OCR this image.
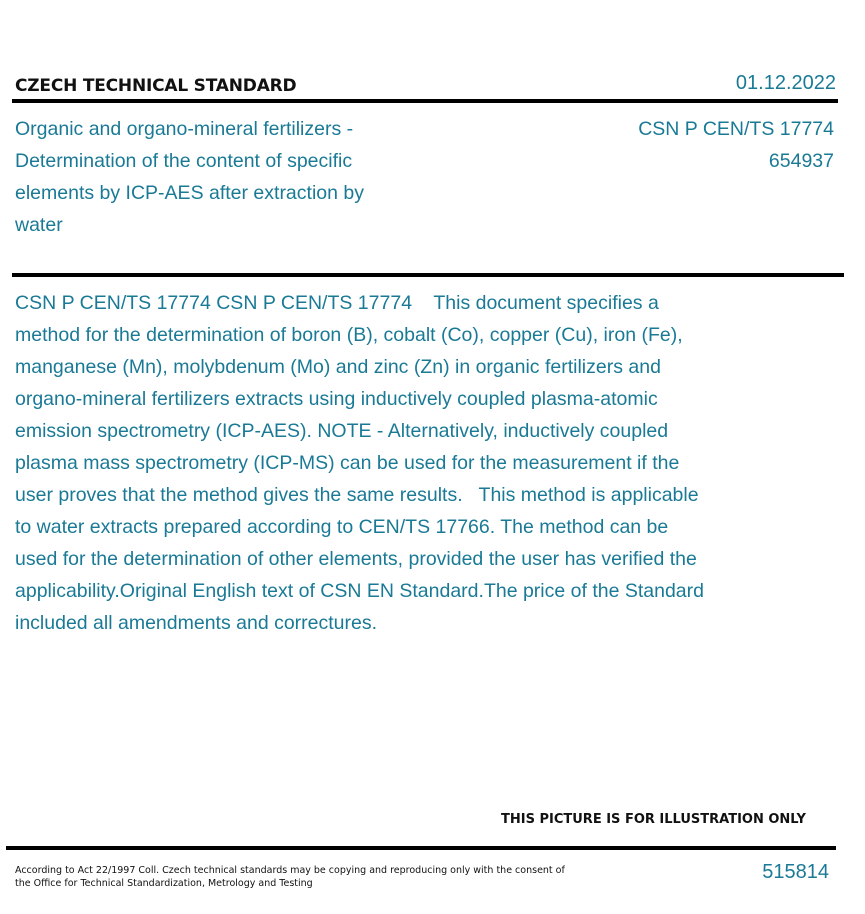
CZECH TECHNICAL STANDARD	01.12.2022
Organic and organo-mineral fertilizers - Determination of the content of specific elements by ICP-AES after extraction by water
CSN P CEN/TS 17774
654937
CSN P CEN/TS 17774 CSN P CEN/TS 17774    This document specifies a method for the determination of boron (B), cobalt (Co), copper (Cu), iron (Fe), manganese (Mn), molybdenum (Mo) and zinc (Zn) in organic fertilizers and organo-mineral fertilizers extracts using inductively coupled plasma-atomic emission spectrometry (ICP-AES). NOTE - Alternatively, inductively coupled plasma mass spectrometry (ICP-MS) can be used for the measurement if the user proves that the method gives the same results.   This method is applicable to water extracts prepared according to CEN/TS 17766. The method can be used for the determination of other elements, provided the user has verified the applicability.Original English text of CSN EN Standard.The price of the Standard included all amendments and correctures.
THIS PICTURE IS FOR ILLUSTRATION ONLY
According to Act 22/1997 Coll. Czech technical standards may be copying and reproducing only with the consent of the Office for Technical Standardization, Metrology and Testing
515814
